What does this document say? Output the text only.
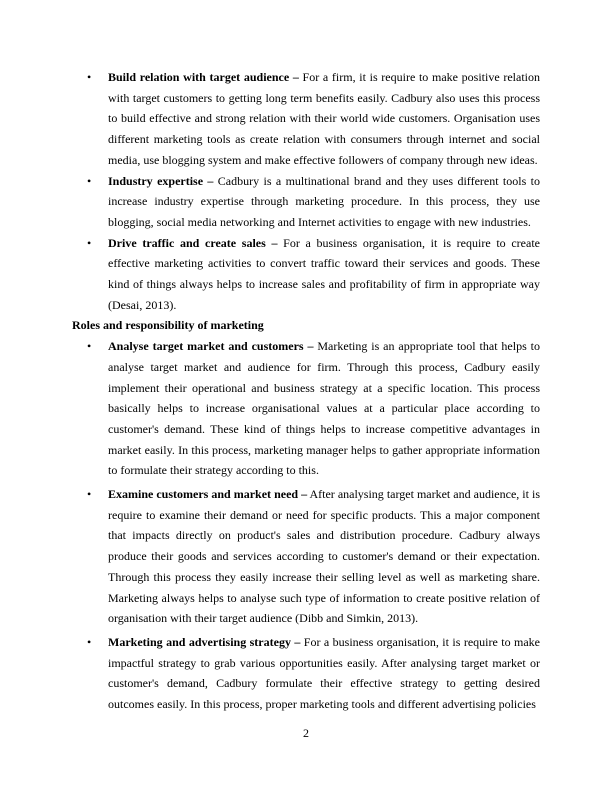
• Build relation with target audience – For a firm, it is require to make positive relation with target customers to getting long term benefits easily. Cadbury also uses this process to build effective and strong relation with their world wide customers. Organisation uses different marketing tools as create relation with consumers through internet and social media, use blogging system and make effective followers of company through new ideas.
• Industry expertise – Cadbury is a multinational brand and they uses different tools to increase industry expertise through marketing procedure. In this process, they use blogging, social media networking and Internet activities to engage with new industries.
• Drive traffic and create sales – For a business organisation, it is require to create effective marketing activities to convert traffic toward their services and goods. These kind of things always helps to increase sales and profitability of firm in appropriate way (Desai, 2013).

Roles and responsibility of marketing

• Analyse target market and customers – Marketing is an appropriate tool that helps to analyse target market and audience for firm. Through this process, Cadbury easily implement their operational and business strategy at a specific location. This process basically helps to increase organisational values at a particular place according to customer's demand. These kind of things helps to increase competitive advantages in market easily. In this process, marketing manager helps to gather appropriate information to formulate their strategy according to this.
• Examine customers and market need – After analysing target market and audience, it is require to examine their demand or need for specific products. This a major component that impacts directly on product's sales and distribution procedure. Cadbury always produce their goods and services according to customer's demand or their expectation. Through this process they easily increase their selling level as well as marketing share. Marketing always helps to analyse such type of information to create positive relation of organisation with their target audience (Dibb and Simkin, 2013).
• Marketing and advertising strategy – For a business organisation, it is require to make impactful strategy to grab various opportunities easily. After analysing target market or customer's demand, Cadbury formulate their effective strategy to getting desired outcomes easily. In this process, proper marketing tools and different advertising policies
2
